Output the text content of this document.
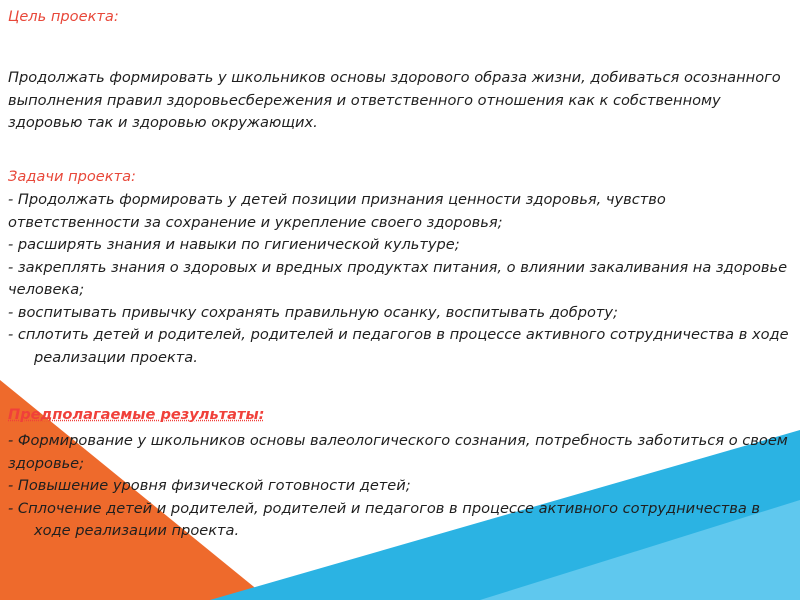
Цель проекта:

Продолжать формировать у школьников основы здорового образа жизни, добиваться осознанного выполнения правил здоровьесбережения и ответственного отношения как к собственному здоровью так и здоровью окружающих.

Задачи проекта:
- Продолжать формировать у детей позиции признания ценности здоровья, чувство ответственности за сохранение и укрепление своего здоровья;
- расширять знания и навыки по гигиенической культуре;
- закреплять знания о здоровых и вредных продуктах питания, о влиянии закаливания на здоровье человека;
- воспитывать привычку сохранять правильную осанку, воспитывать доброту;
- сплотить детей и родителей, родителей и педагогов в процессе активного сотрудничества в ходе реализации проекта.
Предполагаемые результаты:
- Формирование у школьников основы валеологического сознания, потребность заботиться о своем здоровье;
- Повышение уровня физической готовности детей;
- Сплочение детей и родителей, родителей и педагогов в процессе активного сотрудничества в ходе реализации проекта.
